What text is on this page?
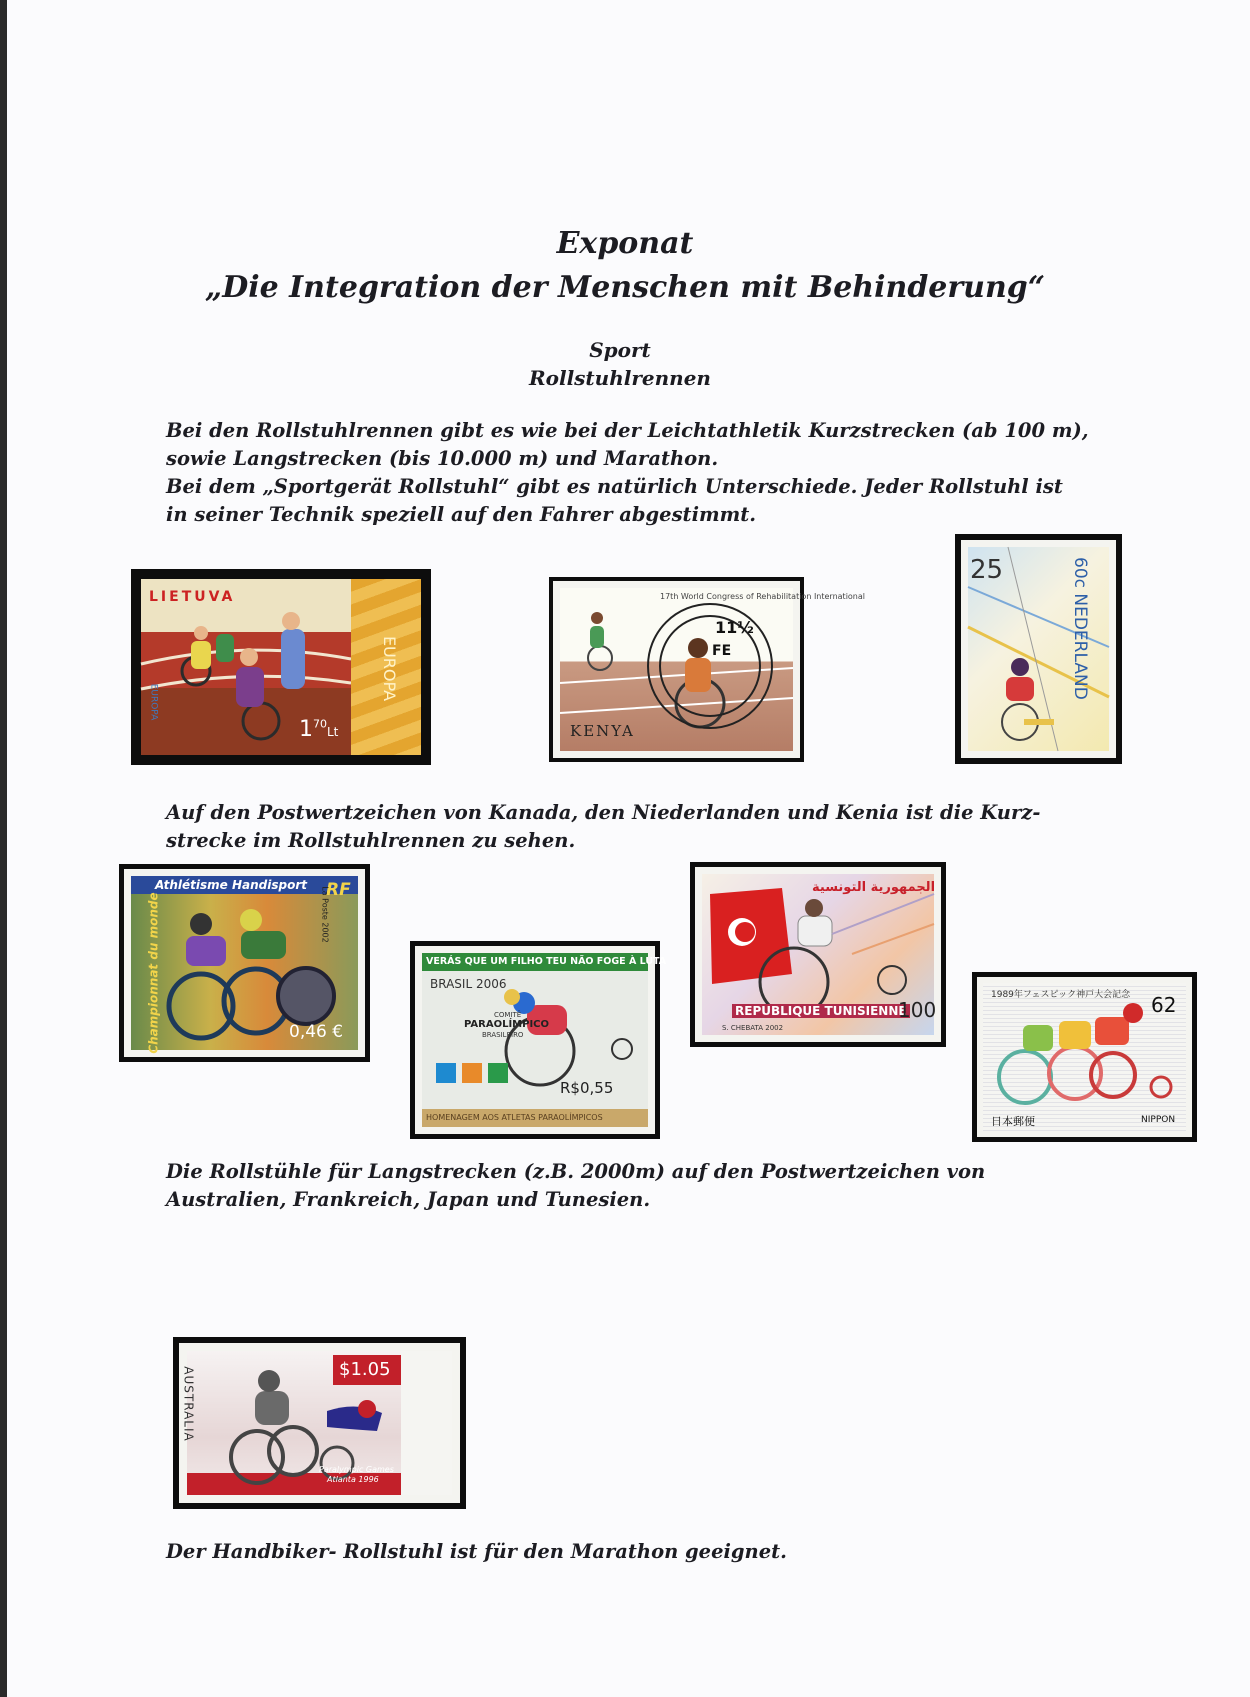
Exponat
„Die Integration der Menschen mit Behinderung“
Sport
Rollstuhlrennen
Bei den Rollstuhlrennen gibt es wie bei der Leichtathletik Kurzstrecken (ab 100 m),
sowie Langstrecken (bis 10.000 m) und Marathon.
Bei dem „Sportgerät Rollstuhl“ gibt es natürlich Unterschiede. Jeder Rollstuhl ist
in seiner Technik speziell auf den Fahrer abgestimmt.
LIETUVA
$1^{70}Lt$
EUROPA
EUROPA
17th World Congress of Rehabilitation International
11½
FE
KENYA
25	60c NEDERLAND
Auf den Postwertzeichen von Kanada, den Niederlanden und Kenia ist die Kurz-
strecke im Rollstuhlrennen zu sehen.
Athlétisme Handisport RF
Championnat du monde	La Poste 2002
0,46 €
VERÁS QUE UM FILHO TEU NÃO FOGE À LUTA
BRASIL 2006
COMITÊ
PARAOLÍMPICO
BRASILEIRO
R$0,55
HOMENAGEM AOS ATLETAS PARAOLÍMPICOS
الجمهورية التونسية
REPUBLIQUE TUNISIENNE
100
S. CHEBATA 2002
1989年フェスピック神戸大会記念 62
日本郵便	NIPPON
Die Rollstühle für Langstrecken (z.B. 2000m) auf den Postwertzeichen von
Australien, Frankreich, Japan und Tunesien.
AUSTRALIA	$1.05
Paralympic Games
Atlanta 1996
Der Handbiker- Rollstuhl ist für den Marathon geeignet.
